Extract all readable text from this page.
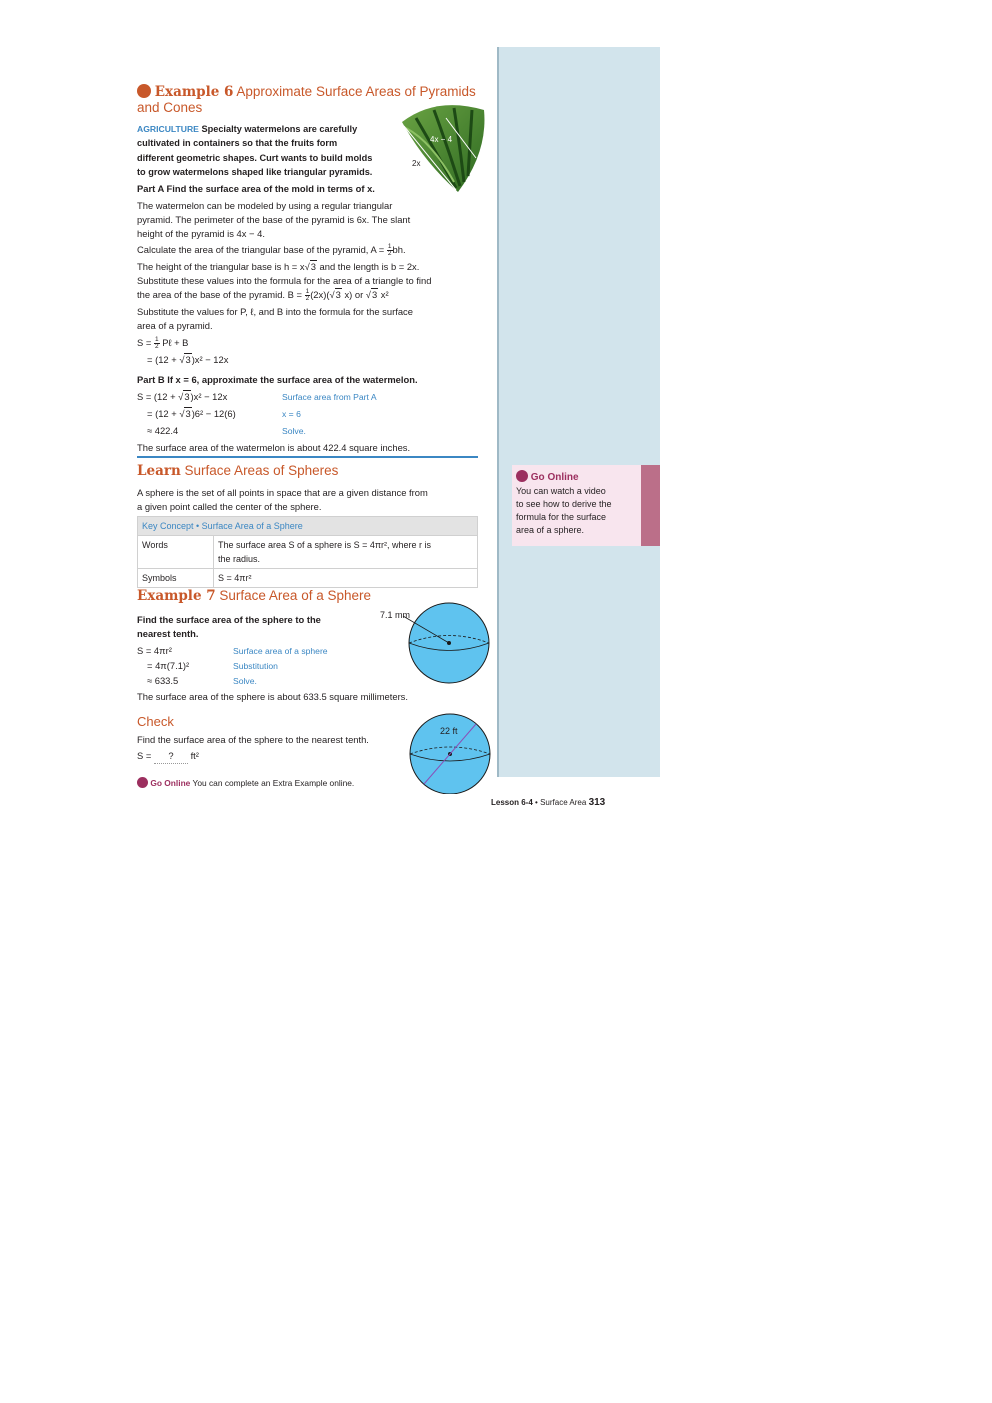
Go Online
You can watch a video
to see how to derive the
formula for the surface
area of a sphere.
Example 6 Approximate Surface Areas of Pyramids
and Cones
4x − 4
2x
AGRICULTURE Specialty watermelons are carefully
cultivated in containers so that the fruits form
different geometric shapes. Curt wants to build molds
to grow watermelons shaped like triangular pyramids.
Part A Find the surface area of the mold in terms of x.
The watermelon can be modeled by using a regular triangular
pyramid. The perimeter of the base of the pyramid is 6x. The slant
height of the pyramid is 4x − 4.
Calculate the area of the triangular base of the pyramid, $A = \frac{1}{2}$ bh.
The height of the triangular base is h = x√3 and the length is b = 2x.
Substitute these values into the formula for the area of a triangle to find
the area of the base of the pyramid. $B = \frac{1}{2} (2x)(√3$ x) or √3 x²
Substitute the values for P, ℓ, and B into the formula for the surface
area of a pyramid.
$S = \frac{1}{2}$ Pℓ + B
= (12 + √3)x² − 12x
Part B If x = 6, approximate the surface area of the watermelon.
S = (12 + √3)x² − 12x	Surface area from Part A
= (12 + √3)6² − 12(6)	x = 6
≈ 422.4	Solve.
The surface area of the watermelon is about 422.4 square inches.
Learn Surface Areas of Spheres
A sphere is the set of all points in space that are a given distance from
a given point called the center of the sphere.
Key Concept • Surface Area of a Sphere	
Words	The surface area S of a sphere is S = 4πr², where r is
the radius.

Symbols	S = 4πr²
Example 7 Surface Area of a Sphere
Find the surface area of the sphere to the
nearest tenth.
7.1 mm
S = 4πr²	Surface area of a sphere
= 4π(7.1)²	Substitution
≈ 633.5	Solve.
The surface area of the sphere is about 633.5 square millimeters.
Check
Find the surface area of the sphere to the nearest tenth.
S = ? ft²
22 ft
Go Online You can complete an Extra Example online.
Lesson 6-4 • Surface Area 313
